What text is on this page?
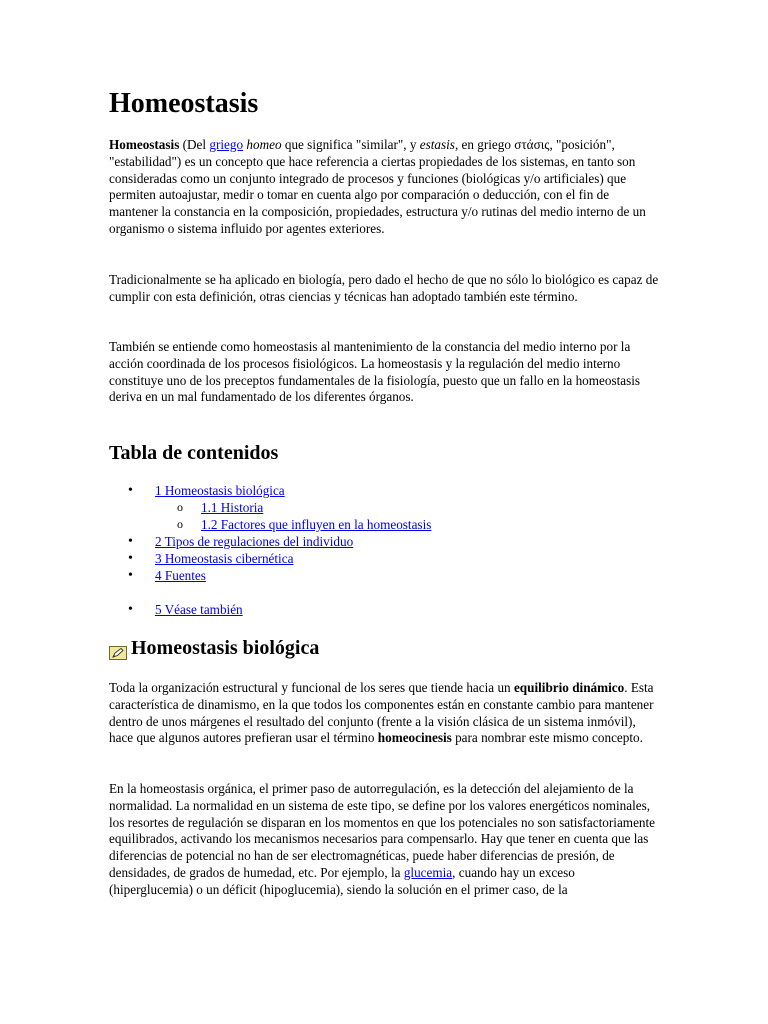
Homeostasis

Homeostasis (Del griego homeo que significa "similar", y estasis, en griego στάσις, "posición", "estabilidad") es un concepto que hace referencia a ciertas propiedades de los sistemas, en tanto son consideradas como un conjunto integrado de procesos y funciones (biológicas y/o artificiales) que permiten autoajustar, medir o tomar en cuenta algo por comparación o deducción, con el fin de mantener la constancia en la composición, propiedades, estructura y/o rutinas del medio interno de un organismo o sistema influido por agentes exteriores.

Tradicionalmente se ha aplicado en biología, pero dado el hecho de que no sólo lo biológico es capaz de cumplir con esta definición, otras ciencias y técnicas han adoptado también este término.

También se entiende como homeostasis al mantenimiento de la constancia del medio interno por la acción coordinada de los procesos fisiológicos. La homeostasis y la regulación del medio interno constituye uno de los preceptos fundamentales de la fisiología, puesto que un fallo en la homeostasis deriva en un mal fundamentado de los diferentes órganos.

Tabla de contenidos
• 1 Homeostasis biológica
o 1.1 Historia
o 1.2 Factores que influyen en la homeostasis
• 2 Tipos de regulaciones del individuo
• 3 Homeostasis cibernética
• 4 Fuentes
• 5 Véase también
Homeostasis biológica

Toda la organización estructural y funcional de los seres que tiende hacia un equilibrio dinámico. Esta característica de dinamismo, en la que todos los componentes están en constante cambio para mantener dentro de unos márgenes el resultado del conjunto (frente a la visión clásica de un sistema inmóvil), hace que algunos autores prefieran usar el término homeocinesis para nombrar este mismo concepto.

En la homeostasis orgánica, el primer paso de autorregulación, es la detección del alejamiento de la normalidad. La normalidad en un sistema de este tipo, se define por los valores energéticos nominales, los resortes de regulación se disparan en los momentos en que los potenciales no son satisfactoriamente equilibrados, activando los mecanismos necesarios para compensarlo. Hay que tener en cuenta que las diferencias de potencial no han de ser electromagnéticas, puede haber diferencias de presión, de densidades, de grados de humedad, etc. Por ejemplo, la glucemia, cuando hay un exceso (hiperglucemia) o un déficit (hipoglucemia), siendo la solución en el primer caso, de la
